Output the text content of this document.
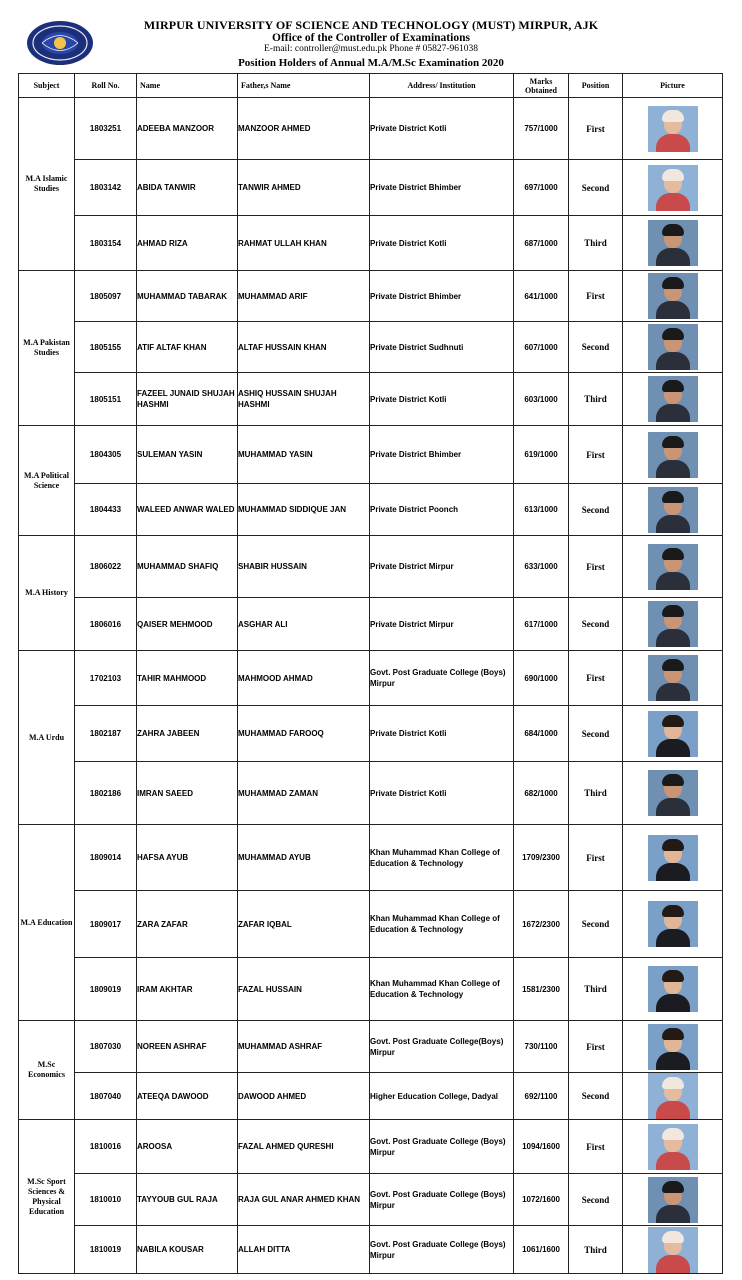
MIRPUR UNIVERSITY OF SCIENCE AND TECHNOLOGY (MUST) MIRPUR, AJK
Office of the Controller of Examinations
E-mail: controller@must.edu.pk Phone # 05827-961038
Position Holders of Annual M.A/M.Sc Examination 2020
Subject	Roll No.	Name	Father,s Name	Address/ Institution	Marks Obtained	Position	Picture
M.A Islamic Studies	1803251	ADEEBA MANZOOR	MANZOOR AHMED	Private District Kotli	757/1000	First	

	1803142	ABIDA TANWIR	TANWIR AHMED	Private District Bhimber	697/1000	Second	

	1803154	AHMAD RIZA	RAHMAT ULLAH KHAN	Private District Kotli	687/1000	Third	

M.A Pakistan Studies	1805097	MUHAMMAD TABARAK	MUHAMMAD ARIF	Private District Bhimber	641/1000	First	

	1805155	ATIF ALTAF KHAN	ALTAF HUSSAIN KHAN	Private District Sudhnuti	607/1000	Second	

	1805151	FAZEEL JUNAID SHUJAH HASHMI	ASHIQ HUSSAIN SHUJAH HASHMI	Private District Kotli	603/1000	Third	

M.A Political Science	1804305	SULEMAN YASIN	MUHAMMAD YASIN	Private District Bhimber	619/1000	First	

	1804433	WALEED ANWAR WALED	MUHAMMAD SIDDIQUE JAN	Private District Poonch	613/1000	Second	

M.A History	1806022	MUHAMMAD SHAFIQ	SHABIR HUSSAIN	Private District Mirpur	633/1000	First	

	1806016	QAISER MEHMOOD	ASGHAR ALI	Private District Mirpur	617/1000	Second	

M.A Urdu	1702103	TAHIR MAHMOOD	MAHMOOD AHMAD	Govt. Post Graduate College (Boys) Mirpur	690/1000	First	

	1802187	ZAHRA JABEEN	MUHAMMAD FAROOQ	Private District Kotli	684/1000	Second	

	1802186	IMRAN SAEED	MUHAMMAD ZAMAN	Private District Kotli	682/1000	Third	

M.A Education	1809014	HAFSA AYUB	MUHAMMAD AYUB	Khan Muhammad Khan College of Education & Technology	1709/2300	First	

	1809017	ZARA ZAFAR	ZAFAR IQBAL	Khan Muhammad Khan College of Education & Technology	1672/2300	Second	

	1809019	IRAM AKHTAR	FAZAL HUSSAIN	Khan Muhammad Khan College of Education & Technology	1581/2300	Third	

M.Sc Economics	1807030	NOREEN ASHRAF	MUHAMMAD ASHRAF	Govt. Post Graduate College(Boys) Mirpur	730/1100	First	

	1807040	ATEEQA DAWOOD	DAWOOD AHMED	Higher Education College, Dadyal	692/1100	Second	

M.Sc Sport Sciences & Physical Education	1810016	AROOSA	FAZAL AHMED QURESHI	Govt. Post Graduate College (Boys) Mirpur	1094/1600	First	

	1810010	TAYYOUB GUL RAJA	RAJA GUL ANAR AHMED KHAN	Govt. Post Graduate College (Boys) Mirpur	1072/1600	Second	

	1810019	NABILA KOUSAR	ALLAH DITTA	Govt. Post Graduate College (Boys) Mirpur	1061/1600	Third	
